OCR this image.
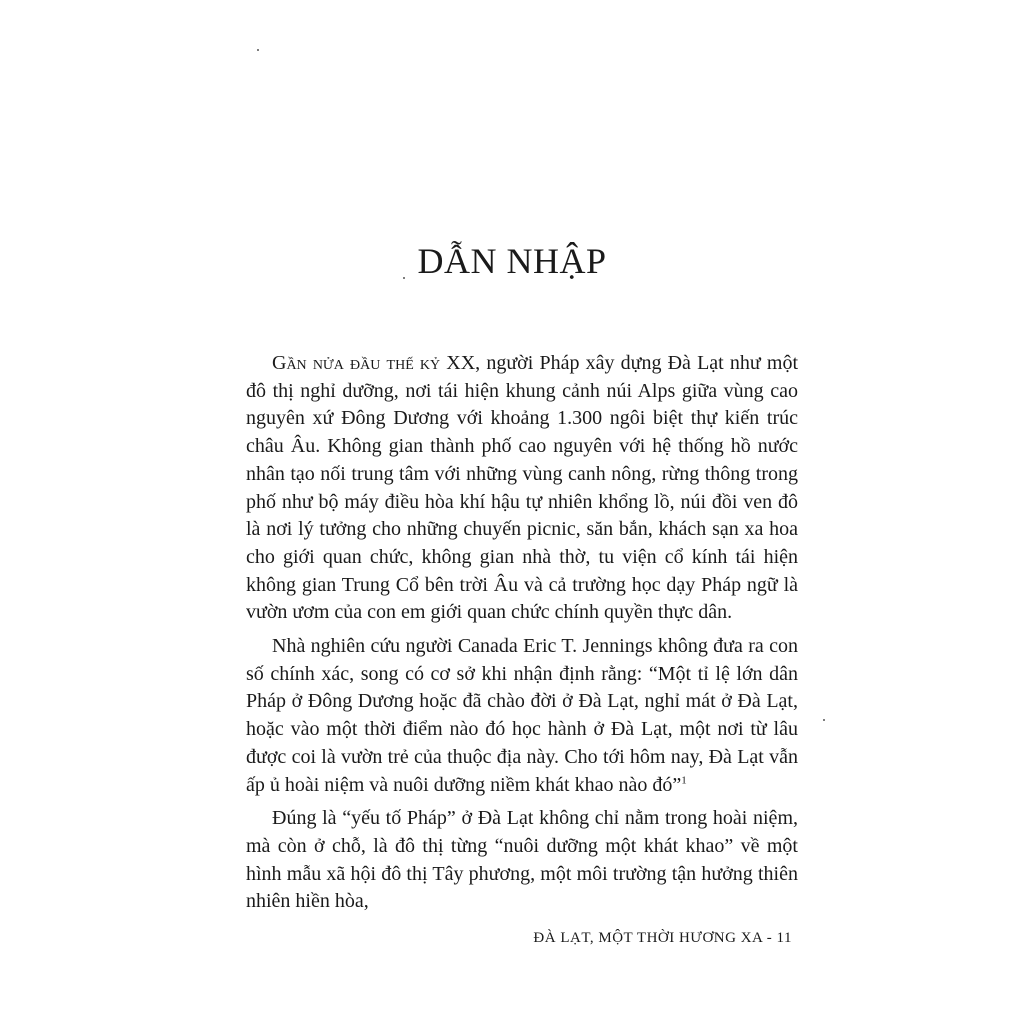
DẪN NHẬP

Gần nửa đầu thế kỷ XX, người Pháp xây dựng Đà Lạt như một đô thị nghỉ dưỡng, nơi tái hiện khung cảnh núi Alps giữa vùng cao nguyên xứ Đông Dương với khoảng 1.300 ngôi biệt thự kiến trúc châu Âu. Không gian thành phố cao nguyên với hệ thống hồ nước nhân tạo nối trung tâm với những vùng canh nông, rừng thông trong phố như bộ máy điều hòa khí hậu tự nhiên khổng lồ, núi đồi ven đô là nơi lý tưởng cho những chuyến picnic, săn bắn, khách sạn xa hoa cho giới quan chức, không gian nhà thờ, tu viện cổ kính tái hiện không gian Trung Cổ bên trời Âu và cả trường học dạy Pháp ngữ là vườn ươm của con em giới quan chức chính quyền thực dân.

Nhà nghiên cứu người Canada Eric T. Jennings không đưa ra con số chính xác, song có cơ sở khi nhận định rằng: “Một tỉ lệ lớn dân Pháp ở Đông Dương hoặc đã chào đời ở Đà Lạt, nghỉ mát ở Đà Lạt, hoặc vào một thời điểm nào đó học hành ở Đà Lạt, một nơi từ lâu được coi là vườn trẻ của thuộc địa này. Cho tới hôm nay, Đà Lạt vẫn ấp ủ hoài niệm và nuôi dưỡng niềm khát khao nào đó”$^1$

Đúng là “yếu tố Pháp” ở Đà Lạt không chỉ nằm trong hoài niệm, mà còn ở chỗ, là đô thị từng “nuôi dưỡng một khát khao” về một hình mẫu xã hội đô thị Tây phương, một môi trường tận hưởng thiên nhiên hiền hòa,

ĐÀ LẠT, MỘT THỜI HƯƠNG XA - 11
